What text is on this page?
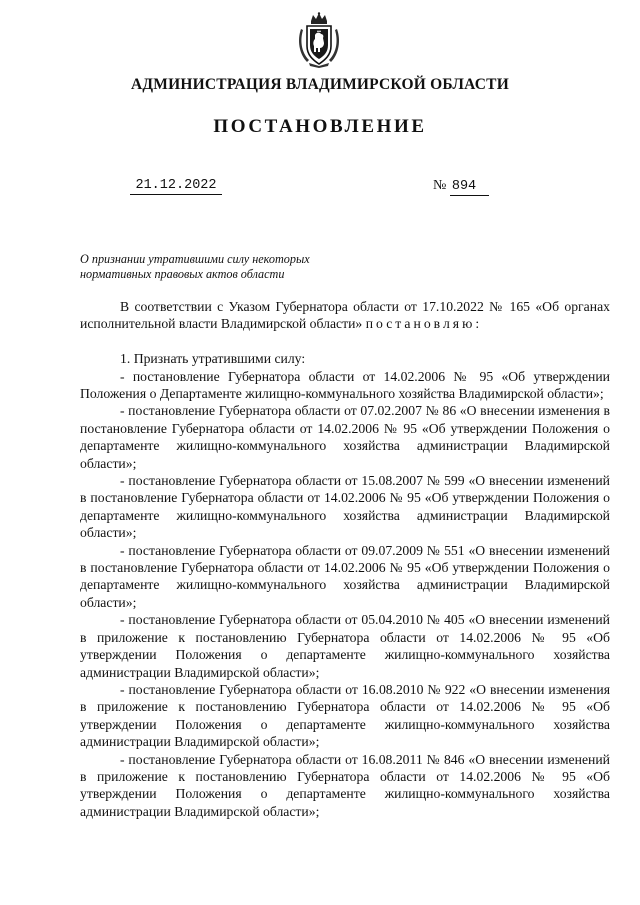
АДМИНИСТРАЦИЯ ВЛАДИМИРСКОЙ ОБЛАСТИ
ПОСТАНОВЛЕНИЕ
21.12.2022	№ 894
О признании утратившими силу некоторых
нормативных правовых актов области

В соответствии с Указом Губернатора области от 17.10.2022 № 165 «Об органах исполнительной власти Владимирской области» постановляю:

1. Признать утратившими силу:

- постановление Губернатора области от 14.02.2006 № 95 «Об утверждении Положения о Департаменте жилищно-коммунального хозяйства Владимирской области»;

- постановление Губернатора области от 07.02.2007 № 86 «О внесении изменения в постановление Губернатора области от 14.02.2006 № 95 «Об утверждении Положения о департаменте жилищно-коммунального хозяйства администрации Владимирской области»;

- постановление Губернатора области от 15.08.2007 № 599 «О внесении изменений в постановление Губернатора области от 14.02.2006 № 95 «Об утверждении Положения о департаменте жилищно-коммунального хозяйства администрации Владимирской области»;

- постановление Губернатора области от 09.07.2009 № 551 «О внесении изменений в постановление Губернатора области от 14.02.2006 № 95 «Об утверждении Положения о департаменте жилищно-коммунального хозяйства администрации Владимирской области»;

- постановление Губернатора области от 05.04.2010 № 405 «О внесении изменений в приложение к постановлению Губернатора области от 14.02.2006 № 95 «Об утверждении Положения о департаменте жилищно-коммунального хозяйства администрации Владимирской области»;

- постановление Губернатора области от 16.08.2010 № 922 «О внесении изменения в приложение к постановлению Губернатора области от 14.02.2006 № 95 «Об утверждении Положения о департаменте жилищно-коммунального хозяйства администрации Владимирской области»;

- постановление Губернатора области от 16.08.2011 № 846 «О внесении изменений в приложение к постановлению Губернатора области от 14.02.2006 № 95 «Об утверждении Положения о департаменте жилищно-коммунального хозяйства администрации Владимирской области»;
